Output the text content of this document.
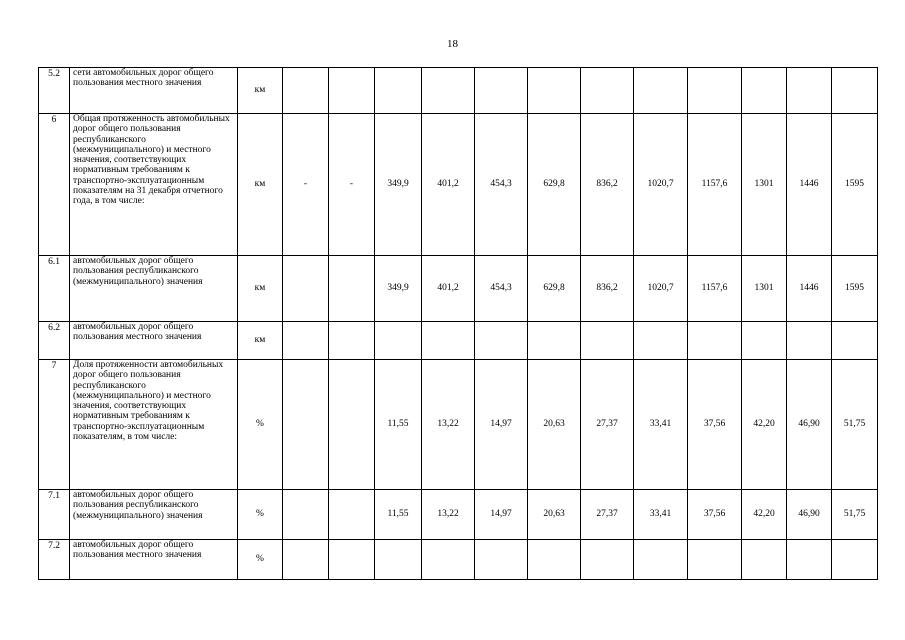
18
5.2	сети автомобильных дорог общего пользования местного значения	км												
6	Общая протяженность автомобильных дорог общего пользования республиканского (межмуниципального) и местного значения, соответствующих нормативным требованиям к транспортно-эксплуатационным показателям на 31 декабря отчетного года, в том числе:	км	-	-	349,9	401,2	454,3	629,8	836,2	1020,7	1157,6	1301	1446	1595
6.1	автомобильных дорог общего пользования республиканского (межмуниципального) значения	км			349,9	401,2	454,3	629,8	836,2	1020,7	1157,6	1301	1446	1595
6.2	автомобильных дорог общего пользования местного значения	км												
7	Доля протяженности автомобильных дорог общего пользования республиканского (межмуниципального) и местного значения, соответствующих нормативным требованиям к транспортно-эксплуатационным показателям, в том числе:	%			11,55	13,22	14,97	20,63	27,37	33,41	37,56	42,20	46,90	51,75
7.1	автомобильных дорог общего пользования республиканского (межмуниципального) значения	%			11,55	13,22	14,97	20,63	27,37	33,41	37,56	42,20	46,90	51,75
7.2	автомобильных дорог общего пользования местного значения	%												
